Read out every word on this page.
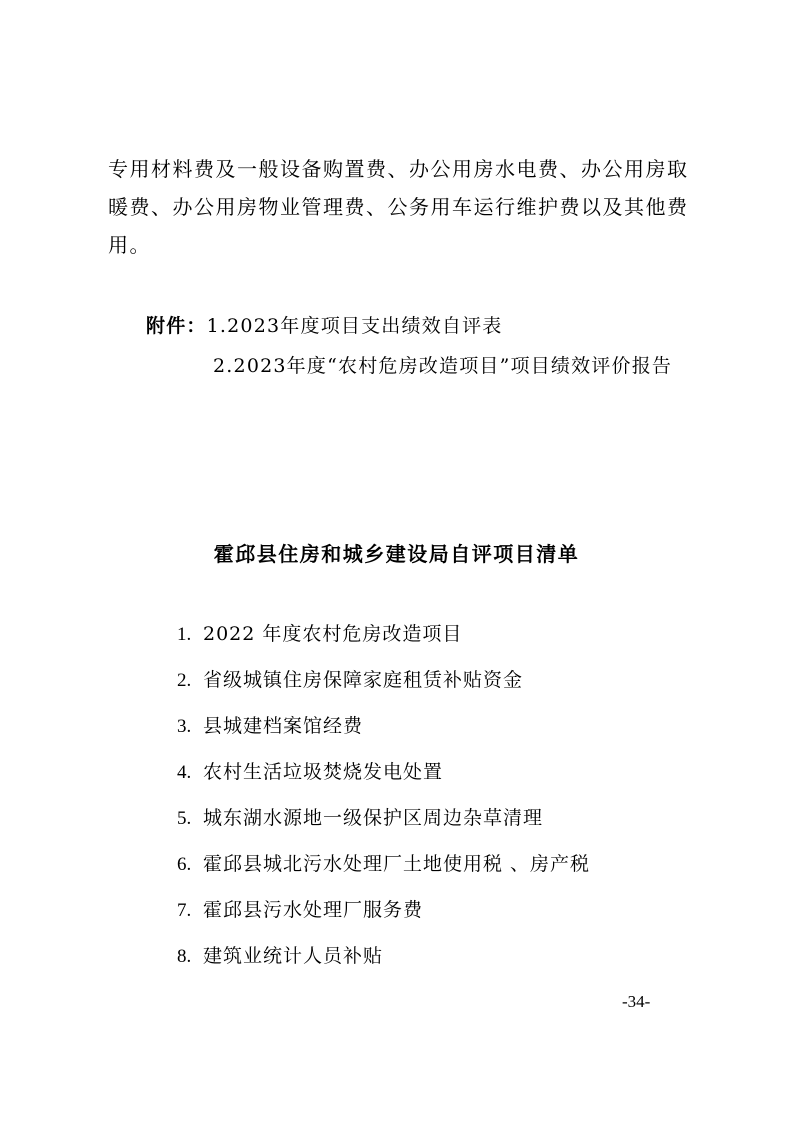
专用材料费及一般设备购置费、办公用房水电费、办公用房取暖费、办公用房物业管理费、公务用车运行维护费以及其他费用。

附件：1.2023年度项目支出绩效自评表
2.2023年度“农村危房改造项目”项目绩效评价报告
霍邱县住房和城乡建设局自评项目清单
1. 2022 年度农村危房改造项目
2. 省级城镇住房保障家庭租赁补贴资金
3. 县城建档案馆经费
4. 农村生活垃圾焚烧发电处置
5. 城东湖水源地一级保护区周边杂草清理
6. 霍邱县城北污水处理厂土地使用税 、房产税
7. 霍邱县污水处理厂服务费
8. 建筑业统计人员补贴
-34-
